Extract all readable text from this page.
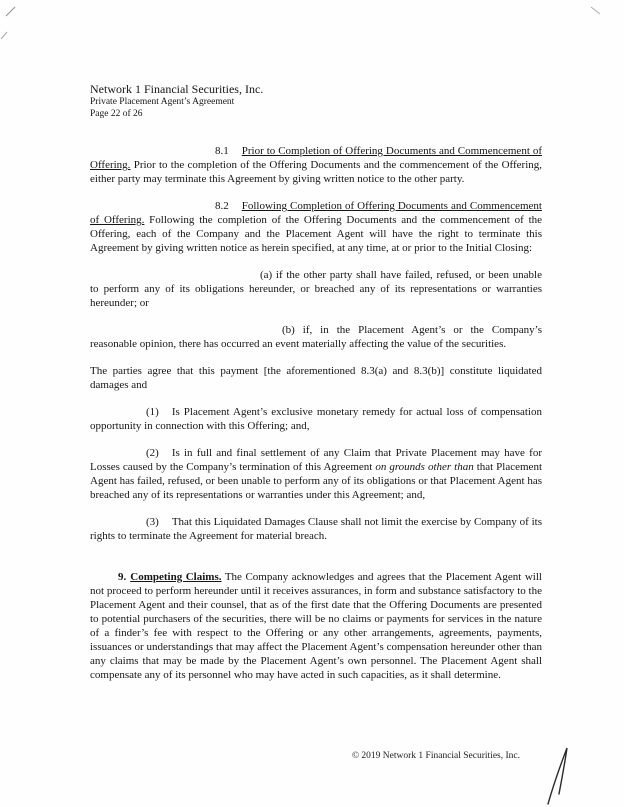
Network 1 Financial Securities, Inc.
Private Placement Agent’s Agreement
Page 22 of 26

8.1 Prior to Completion of Offering Documents and Commencement of Offering. Prior to the completion of the Offering Documents and the commencement of the Offering, either party may terminate this Agreement by giving written notice to the other party.

8.2 Following Completion of Offering Documents and Commencement of Offering. Following the completion of the Offering Documents and the commencement of the Offering, each of the Company and the Placement Agent will have the right to terminate this Agreement by giving written notice as herein specified, at any time, at or prior to the Initial Closing:

(a) if the other party shall have failed, refused, or been unable to perform any of its obligations hereunder, or breached any of its representations or warranties hereunder; or

(b) if, in the Placement Agent’s or the Company’s reasonable opinion, there has occurred an event materially affecting the value of the securities.

The parties agree that this payment [the aforementioned 8.3(a) and 8.3(b)] constitute liquidated damages and

(1) Is Placement Agent’s exclusive monetary remedy for actual loss of compensation opportunity in connection with this Offering; and,

(2) Is in full and final settlement of any Claim that Private Placement may have for Losses caused by the Company’s termination of this Agreement on grounds other than that Placement Agent has failed, refused, or been unable to perform any of its obligations or that Placement Agent has breached any of its representations or warranties under this Agreement; and,

(3) That this Liquidated Damages Clause shall not limit the exercise by Company of its rights to terminate the Agreement for material breach.

9. Competing Claims. The Company acknowledges and agrees that the Placement Agent will not proceed to perform hereunder until it receives assurances, in form and substance satisfactory to the Placement Agent and their counsel, that as of the first date that the Offering Documents are presented to potential purchasers of the securities, there will be no claims or payments for services in the nature of a finder’s fee with respect to the Offering or any other arrangements, agreements, payments, issuances or understandings that may affect the Placement Agent’s compensation hereunder other than any claims that may be made by the Placement Agent’s own personnel. The Placement Agent shall compensate any of its personnel who may have acted in such capacities, as it shall determine.

© 2019 Network 1 Financial Securities, Inc.
